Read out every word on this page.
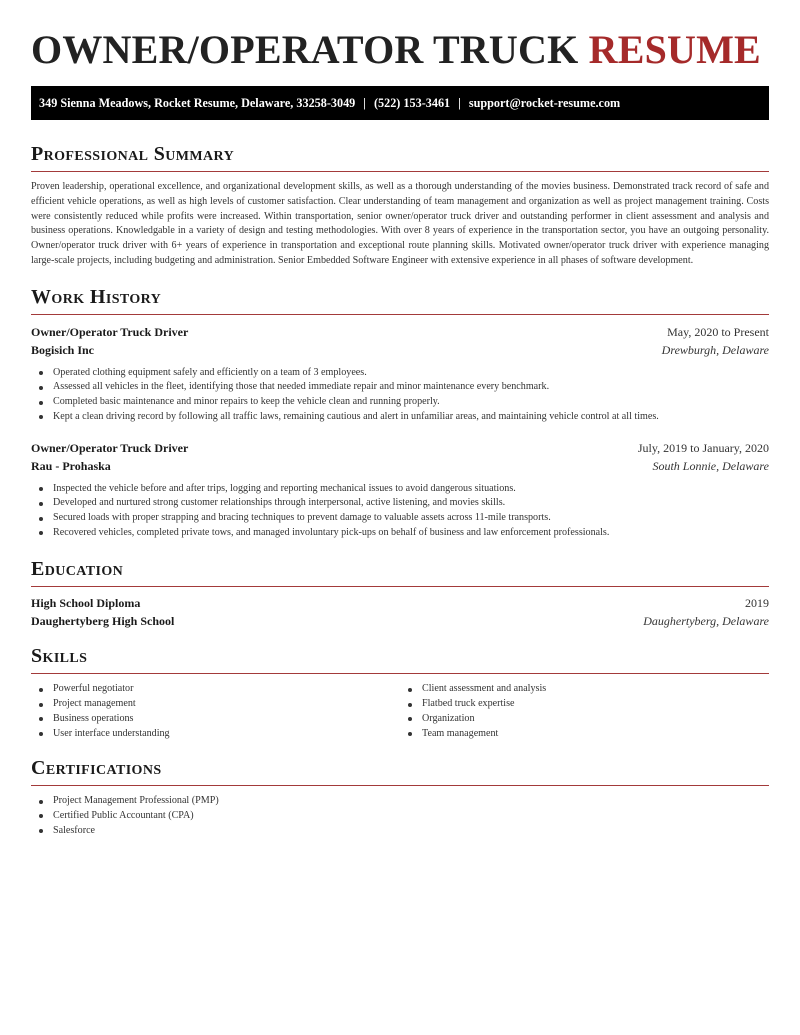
OWNER/OPERATOR TRUCK RESUME
349 Sienna Meadows, Rocket Resume, Delaware, 33258-3049 | (522) 153-3461 | support@rocket-resume.com
Professional Summary

Proven leadership, operational excellence, and organizational development skills, as well as a thorough understanding of the movies business. Demonstrated track record of safe and efficient vehicle operations, as well as high levels of customer satisfaction. Clear understanding of team management and organization as well as project management training. Costs were consistently reduced while profits were increased. Within transportation, senior owner/operator truck driver and outstanding performer in client assessment and analysis and business operations. Knowledgable in a variety of design and testing methodologies. With over 8 years of experience in the transportation sector, you have an outgoing personality. Owner/operator truck driver with 6+ years of experience in transportation and exceptional route planning skills. Motivated owner/operator truck driver with experience managing large-scale projects, including budgeting and administration. Senior Embedded Software Engineer with extensive experience in all phases of software development.

Work History
Owner/Operator Truck Driver	May, 2020 to Present
Bogisich Inc	Drewburgh, Delaware
Operated clothing equipment safely and efficiently on a team of 3 employees.
Assessed all vehicles in the fleet, identifying those that needed immediate repair and minor maintenance every benchmark.
Completed basic maintenance and minor repairs to keep the vehicle clean and running properly.
Kept a clean driving record by following all traffic laws, remaining cautious and alert in unfamiliar areas, and maintaining vehicle control at all times.
Owner/Operator Truck Driver	July, 2019 to January, 2020
Rau - Prohaska	South Lonnie, Delaware
Inspected the vehicle before and after trips, logging and reporting mechanical issues to avoid dangerous situations.
Developed and nurtured strong customer relationships through interpersonal, active listening, and movies skills.
Secured loads with proper strapping and bracing techniques to prevent damage to valuable assets across 11-mile transports.
Recovered vehicles, completed private tows, and managed involuntary pick-ups on behalf of business and law enforcement professionals.
Education
High School Diploma	2019
Daughertyberg High School	Daughertyberg, Delaware
Skills
Powerful negotiator
Project management
Business operations
User interface understanding
Client assessment and analysis
Flatbed truck expertise
Organization
Team management
Certifications
Project Management Professional (PMP)
Certified Public Accountant (CPA)
Salesforce
